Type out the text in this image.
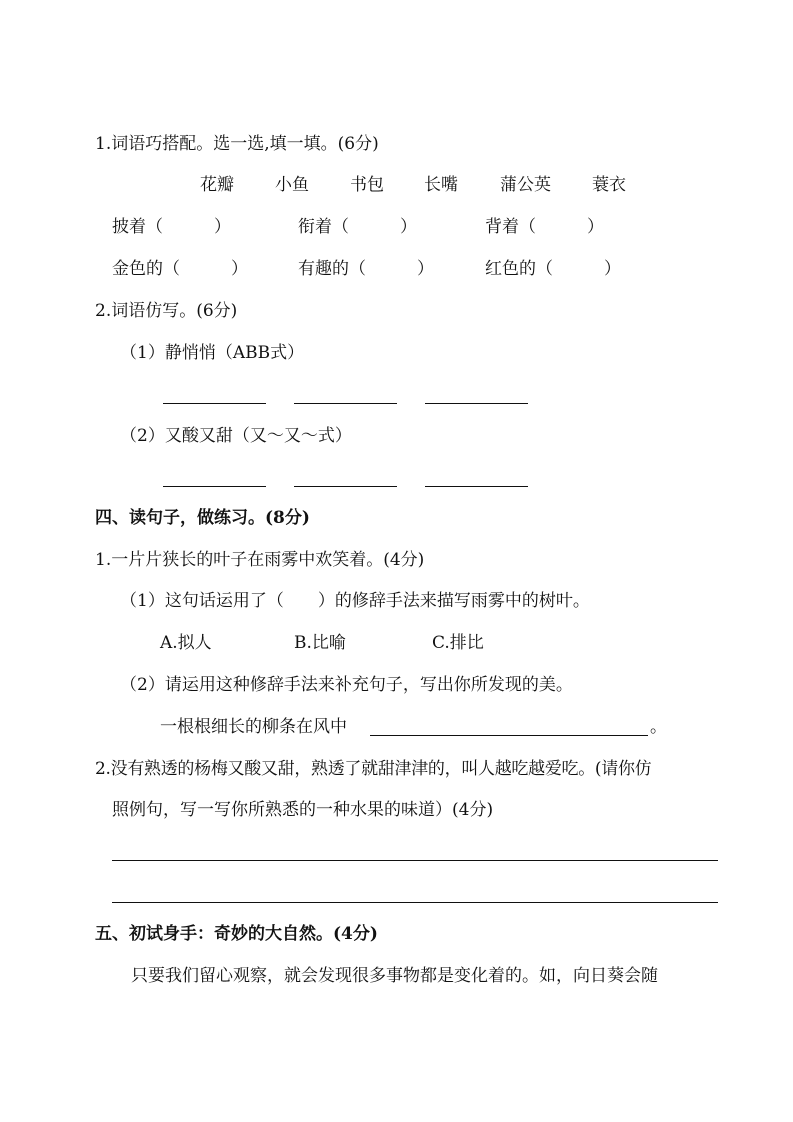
1.词语巧搭配。选一选,填一填。(6分)
花瓣 小鱼 书包 长嘴 蒲公英 蓑衣
披着（　　　）	衔着（　　　）	背着（　　　）
金色的（　　　）	有趣的（　　　）	红色的（　　　）
2.词语仿写。(6分)
（1）静悄悄（ABB式）
（2）又酸又甜（又～又～式）
四、读句子，做练习。(8分)
1.一片片狭长的叶子在雨雾中欢笑着。(4分)
（1）这句话运用了（　　）的修辞手法来描写雨雾中的树叶。
A.拟人	B.比喻	C.排比
（2）请运用这种修辞手法来补充句子，写出你所发现的美。
一根根细长的柳条在风中	。
2.没有熟透的杨梅又酸又甜，熟透了就甜津津的，叫人越吃越爱吃。(请你仿
照例句，写一写你所熟悉的一种水果的味道）(4分)
五、初试身手：奇妙的大自然。(4分)
只要我们留心观察，就会发现很多事物都是变化着的。如，向日葵会随
